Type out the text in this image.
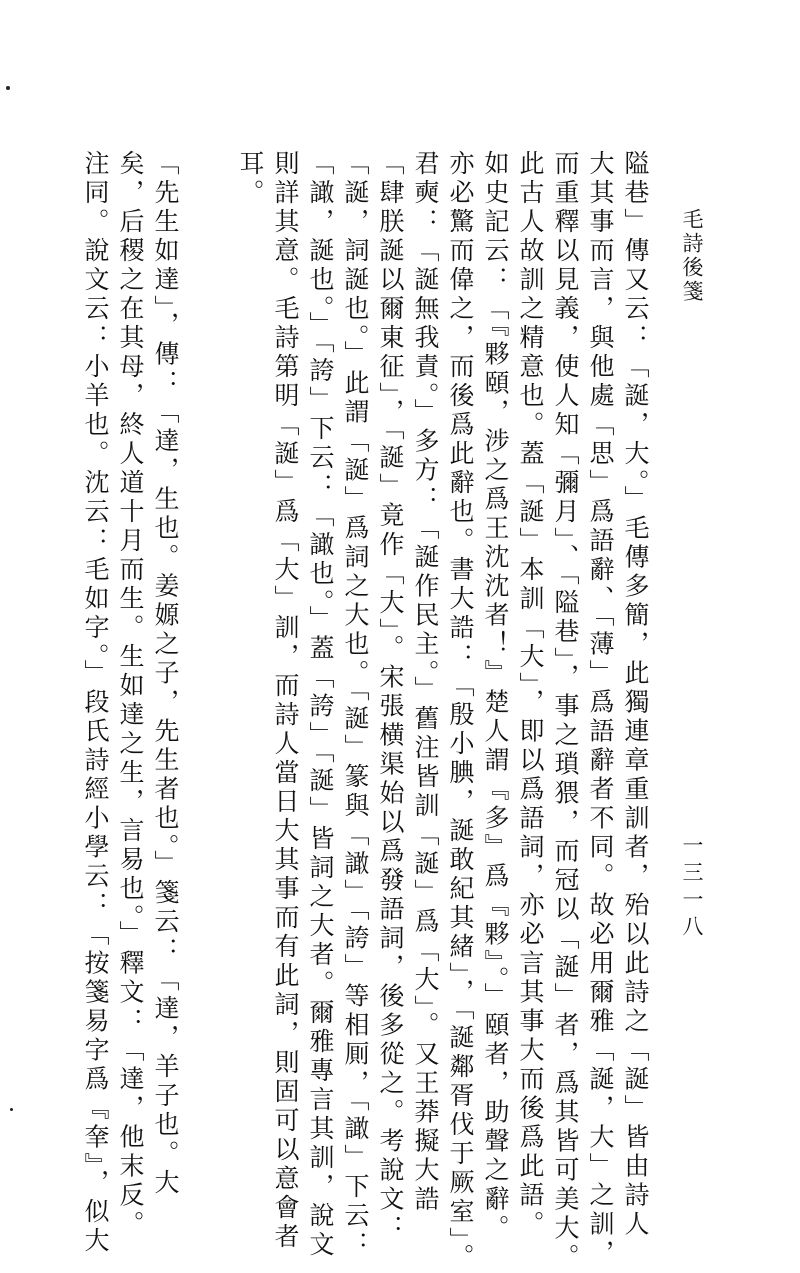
毛詩後箋
一三一八
隘巷」傳又云：「誕，大。」毛傳多簡，此獨連章重訓者，殆以此詩之「誕」皆由詩人
大其事而言，與他處「思」爲語辭、「薄」爲語辭者不同。故必用爾雅「誕，大」之訓，
而重釋以見義，使人知「彌月」、「隘巷」，事之瑣猥，而冠以「誕」者，爲其皆可美大。
此古人故訓之精意也。蓋「誕」本訓「大」，即以爲語詞，亦必言其事大而後爲此語。
如史記云：「『夥頤，涉之爲王沈沈者！』楚人謂『多』爲『夥』。」頤者，助聲之辭。
亦必驚而偉之，而後爲此辭也。書大誥：「殷小腆，誕敢紀其緒」，「誕鄰胥伐于厥室」。
君奭：「誕無我責。」多方：「誕作民主。」舊注皆訓「誕」爲「大」。又王莽擬大誥
「肆朕誕以爾東征」，「誕」竟作「大」。宋張横渠始以爲發語詞，後多從之。考說文：
「誕，詞誕也。」此謂「誕」爲詞之大也。「誕」篆與「譀」「誇」等相厠，「譀」下云：
「譀，誕也。」「誇」下云：「譀也。」蓋「誇」「誕」皆詞之大者。爾雅專言其訓，說文
則詳其意。毛詩第明「誕」爲「大」訓，而詩人當日大其事而有此詞，則固可以意會者
耳。
「先生如達」，傳：「達，生也。姜嫄之子，先生者也。」箋云：「達，羊子也。大
矣，后稷之在其母，終人道十月而生。生如達之生，言易也。」釋文：「達，他末反。
注同。說文云：小羊也。沈云：毛如字。」段氏詩經小學云：「按箋易字爲『羍』，似大
